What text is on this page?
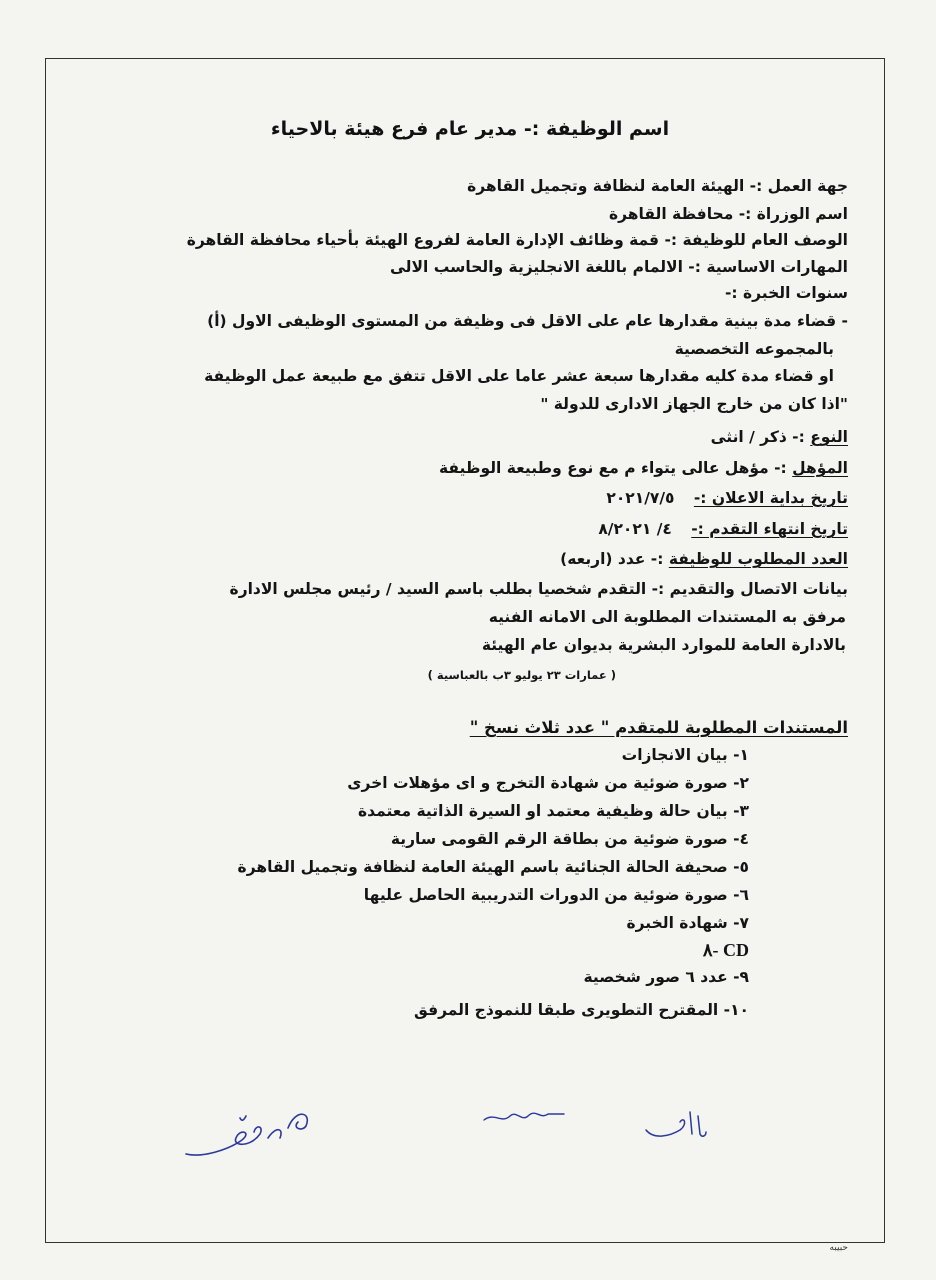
اسم الوظيفة :- مدير عام فرع هيئة بالاحياء
جهة العمل :- الهيئة العامة لنظافة وتجميل القاهرة
اسم الوزراة :- محافظة القاهرة
الوصف العام للوظيفة :- قمة وظائف الإدارة العامة لفروع الهيئة بأحياء محافظة القاهرة
المهارات الاساسية :- الالمام باللغة الانجليزية والحاسب الالى
سنوات الخبرة :-
- قضاء مدة بينية مقدارها عام على الاقل فى وظيفة من المستوى الوظيفى الاول (أ)
بالمجموعه التخصصية
او قضاء مدة كليه مقدارها سبعة عشر عاما على الاقل تتفق مع طبيعة عمل الوظيفة
"اذا كان من خارج الجهاز الادارى للدولة "
النوع :- ذكر / انثى
المؤهل :- مؤهل عالى يتواء م مع نوع وطبيعة الوظيفة
تاريخ بداية الاعلان :- ٢٠٢١/٧/٥
تاريخ انتهاء التقدم :- ٤/ ٨/٢٠٢١
العدد المطلوب للوظيفة :- عدد (اربعه)
بيانات الاتصال والتقديم :- التقدم شخصيا بطلب باسم السيد / رئيس مجلس الادارة
مرفق به المستندات المطلوبة الى الامانه الفنيه
بالادارة العامة للموارد البشرية بديوان عام الهيئة
( عمارات ٢٣ يوليو ٣ب بالعباسية )
المستندات المطلوبة للمتقدم " عدد ثلاث نسخ "
١- بيان الانجازات
٢- صورة ضوئية من شهادة التخرج و اى مؤهلات اخرى
٣- بيان حالة وظيفية معتمد او السيرة الذاتية معتمدة
٤- صورة ضوئية من بطاقة الرقم القومى سارية
٥- صحيفة الحالة الجنائية باسم الهيئة العامة لنظافة وتجميل القاهرة
٦- صورة ضوئية من الدورات التدريبية الحاصل عليها
٧- شهادة الخبرة
CD -٨
٩- عدد ٦ صور شخصية
١٠- المقترح التطويرى طبقا للنموذج المرفق
حبيبه
